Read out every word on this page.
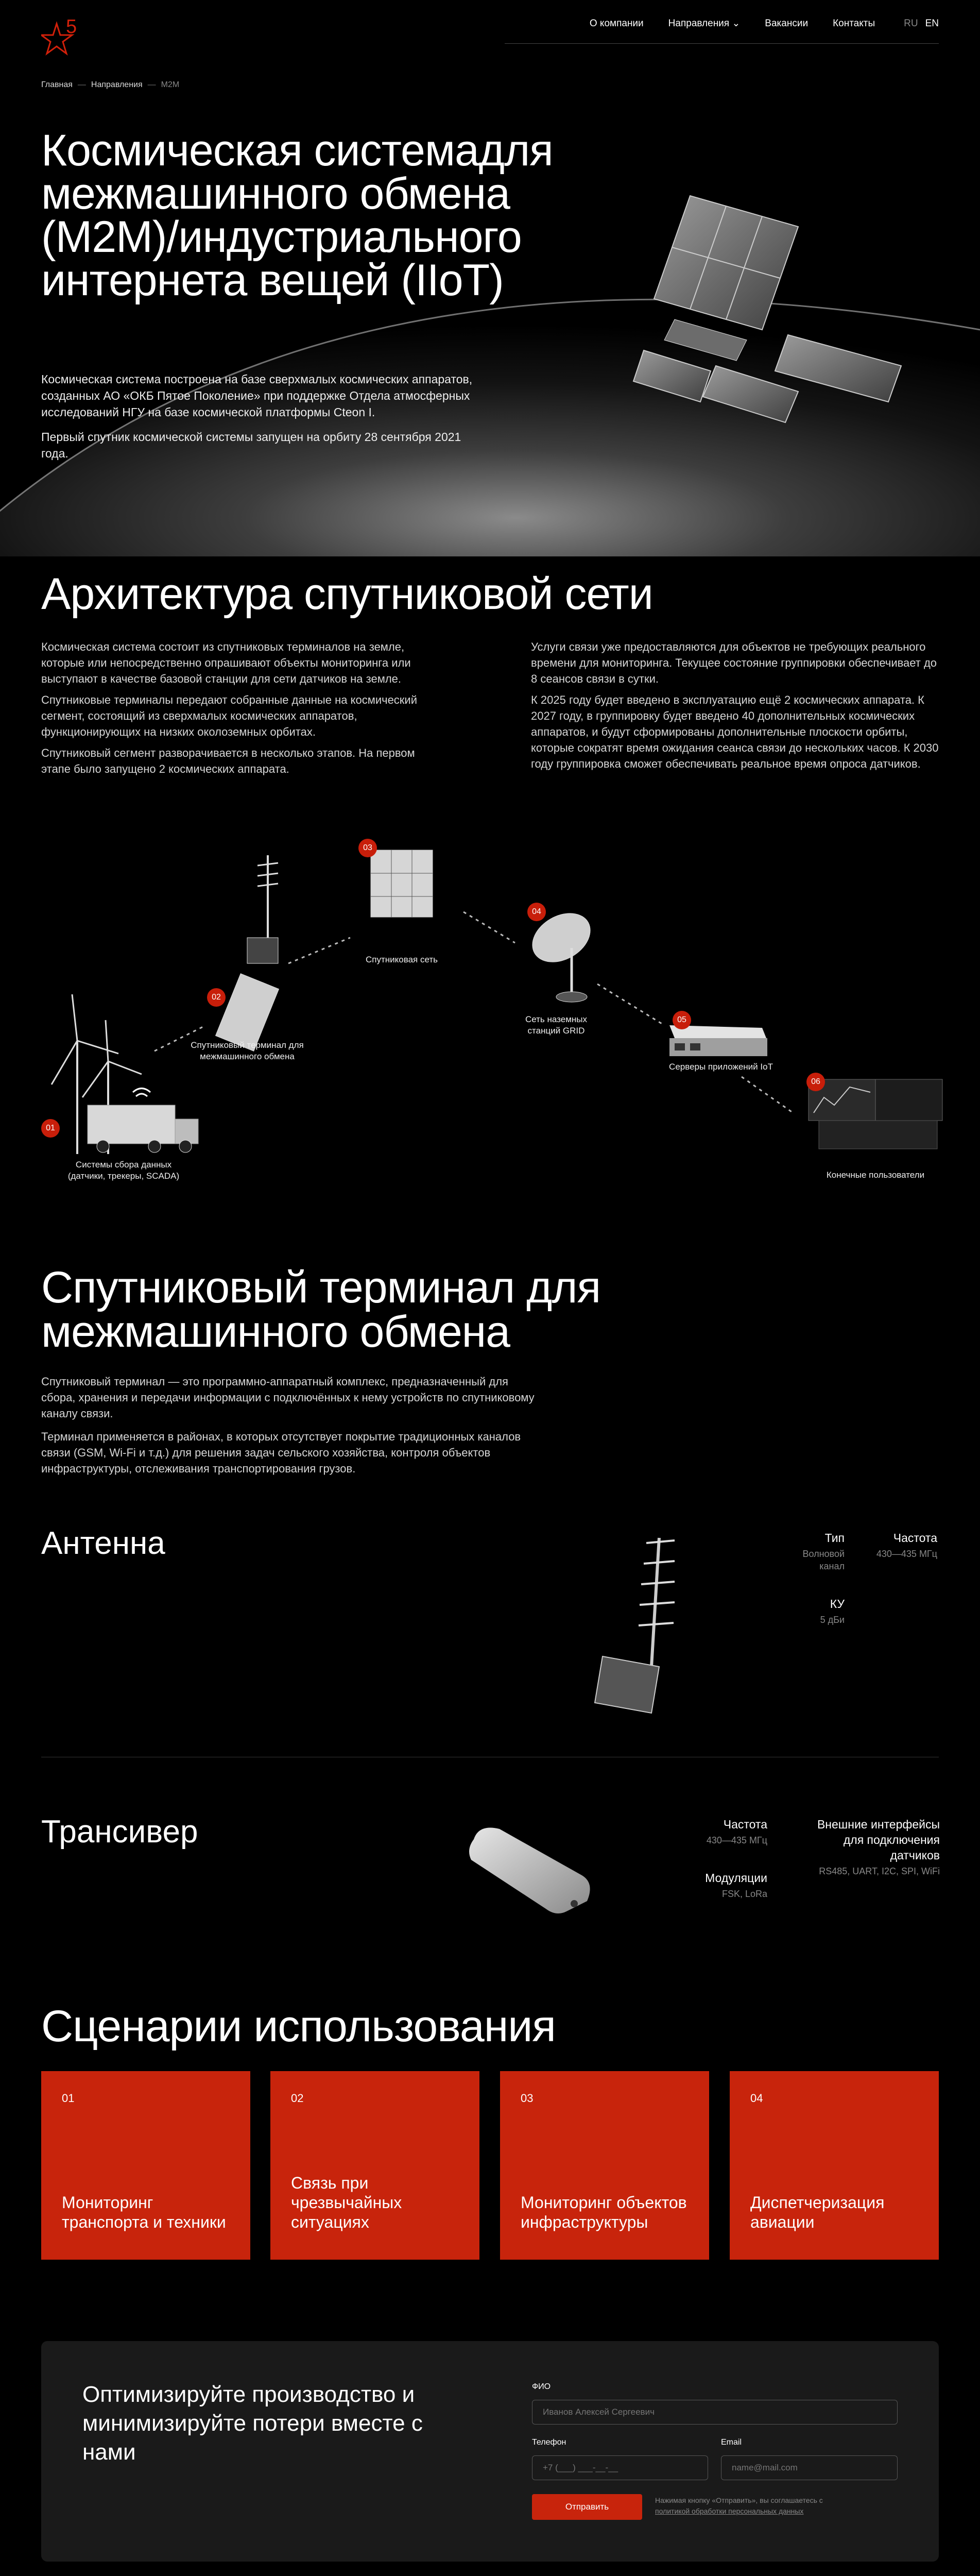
5	О компании	Направления ⌄	Вакансии	Контакты	RU EN
Главная — Направления — M2M
Космическая системадля межмашинного обмена (М2М)/индустриального интернета вещей (IIoT)

Космическая система построена на базе сверхмалых космических аппаратов, созданных АО «ОКБ Пятое Поколение» при поддержке Отдела атмосферных исследований НГУ на базе космической платформы Cteon I.

Первый спутник космической системы запущен на орбиту 28 сентября 2021 года.

Архитектура спутниковой сети

Космическая система состоит из спутниковых терминалов на земле, которые или непосредственно опрашивают объекты мониторинга или выступают в качестве базовой станции для сети датчиков на земле.

Спутниковые терминалы передают собранные данные на космический сегмент, состоящий из сверхмалых космических аппаратов, функционирующих на низких околоземных орбитах.

Спутниковый сегмент разворачивается в несколько этапов. На первом этапе было запущено 2 космических аппарата.

Услуги связи уже предоставляются для объектов не требующих реального времени для мониторинга. Текущее состояние группировки обеспечивает до 8 сеансов связи в сутки.

К 2025 году будет введено в эксплуатацию ещё 2 космических аппарата. К 2027 году, в группировку будет введено 40 дополнительных космических аппаратов, и будут сформированы дополнительные плоскости орбиты, которые сократят время ожидания сеанса связи до нескольких часов. К 2030 году группировка сможет обеспечивать реальное время опроса датчиков.

01
Системы сбора данных (датчики, трекеры, SCADA)
02
Спутниковый терминал для межмашинного обмена
03
Спутниковая сеть
04
Сеть наземных станций GRID
05
Серверы приложений IoT
06
Конечные пользователи
Спутниковый терминал для межмашинного обмена

Спутниковый терминал — это программно-аппаратный комплекс, предназначенный для сбора, хранения и передачи информации с подключённых к нему устройств по спутниковому каналу связи.

Терминал применяется в районах, в которых отсутствует покрытие традиционных каналов связи (GSM, Wi-Fi и т.д.) для решения задач сельского хозяйства, контроля объектов инфраструктуры, отслеживания транспортирования грузов.

Антенна	Тип
Волновой канал
Частота
430—435 МГц
КУ
5 дБи
Трансивер	Частота
430—435 МГц
Модуляции
FSK, LoRa
Внешние интерфейсы для подключения датчиков
RS485, UART, I2C, SPI, WiFi
Сценарии использования
01
Мониторинг транспорта и техники
02
Связь при чрезвычайных ситуациях
03
Мониторинг объектов инфраструктуры
04
Диспетчеризация авиации
Оптимизируйте производство и минимизируйте потери вместе с нами
ФИО
Иванов Алексей Сергеевич
Телефон
+7 (___) ___-__-__	Email
name@mail.com
Отправить
Нажимая кнопку «Отправить», вы соглашаетесь с политикой обработки персональных данных
